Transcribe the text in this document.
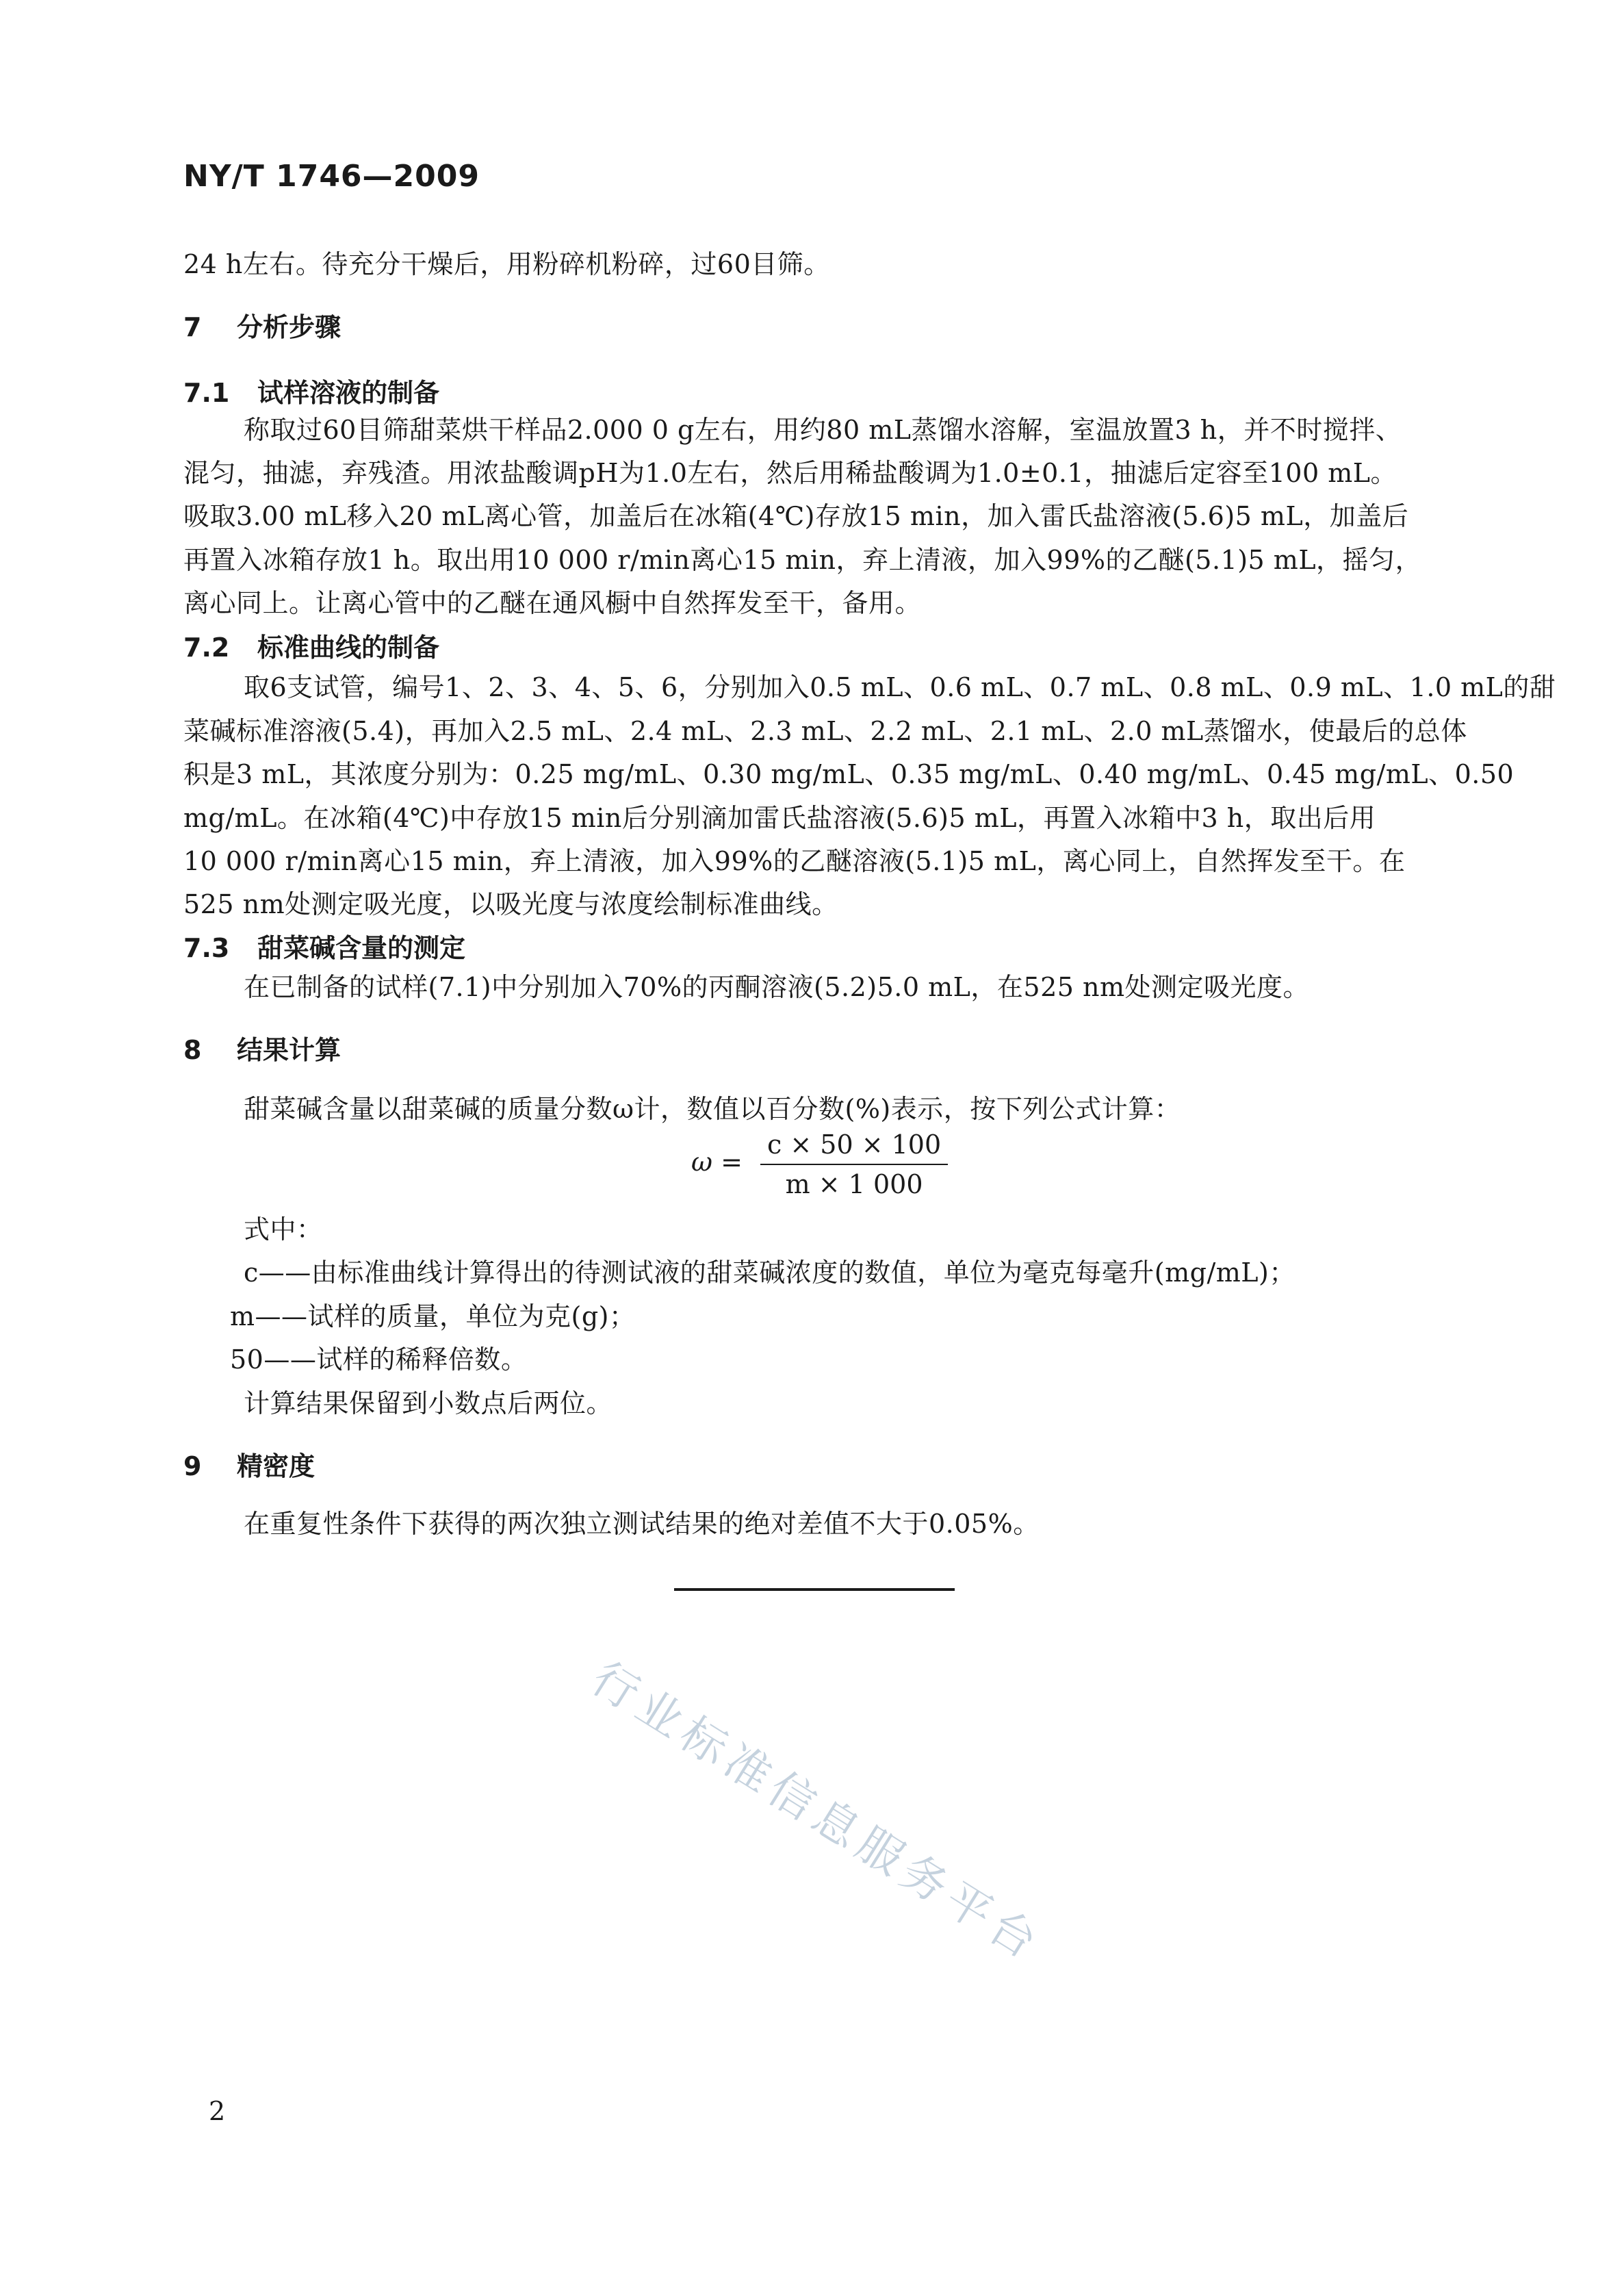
NY/T 1746—2009
24 h左右。待充分干燥后，用粉碎机粉碎，过60目筛。
7 分析步骤
7.1 试样溶液的制备
称取过60目筛甜菜烘干样品2.000 0 g左右，用约80 mL蒸馏水溶解，室温放置3 h，并不时搅拌、
混匀，抽滤，弃残渣。用浓盐酸调pH为1.0左右，然后用稀盐酸调为1.0±0.1，抽滤后定容至100 mL。
吸取3.00 mL移入20 mL离心管，加盖后在冰箱(4℃)存放15 min，加入雷氏盐溶液(5.6)5 mL，加盖后
再置入冰箱存放1 h。取出用10 000 r/min离心15 min，弃上清液，加入99%的乙醚(5.1)5 mL，摇匀，
离心同上。让离心管中的乙醚在通风橱中自然挥发至干，备用。
7.2 标准曲线的制备
取6支试管，编号1、2、3、4、5、6，分别加入0.5 mL、0.6 mL、0.7 mL、0.8 mL、0.9 mL、1.0 mL的甜
菜碱标准溶液(5.4)，再加入2.5 mL、2.4 mL、2.3 mL、2.2 mL、2.1 mL、2.0 mL蒸馏水，使最后的总体
积是3 mL，其浓度分别为：0.25 mg/mL、0.30 mg/mL、0.35 mg/mL、0.40 mg/mL、0.45 mg/mL、0.50
mg/mL。在冰箱(4℃)中存放15 min后分别滴加雷氏盐溶液(5.6)5 mL，再置入冰箱中3 h，取出后用
10 000 r/min离心15 min，弃上清液，加入99%的乙醚溶液(5.1)5 mL，离心同上，自然挥发至干。在
525 nm处测定吸光度，以吸光度与浓度绘制标准曲线。
7.3 甜菜碱含量的测定
在已制备的试样(7.1)中分别加入70%的丙酮溶液(5.2)5.0 mL，在525 nm处测定吸光度。
8 结果计算
甜菜碱含量以甜菜碱的质量分数ω计，数值以百分数(%)表示，按下列公式计算：
$\omega = \frac{c \times 50 \times 100}{m \times 1 000}$
式中：
c——由标准曲线计算得出的待测试液的甜菜碱浓度的数值，单位为毫克每毫升(mg/mL)；
m——试样的质量，单位为克(g)；
50——试样的稀释倍数。
计算结果保留到小数点后两位。
9 精密度
在重复性条件下获得的两次独立测试结果的绝对差值不大于0.05%。
行业标准信息服务平台
2
